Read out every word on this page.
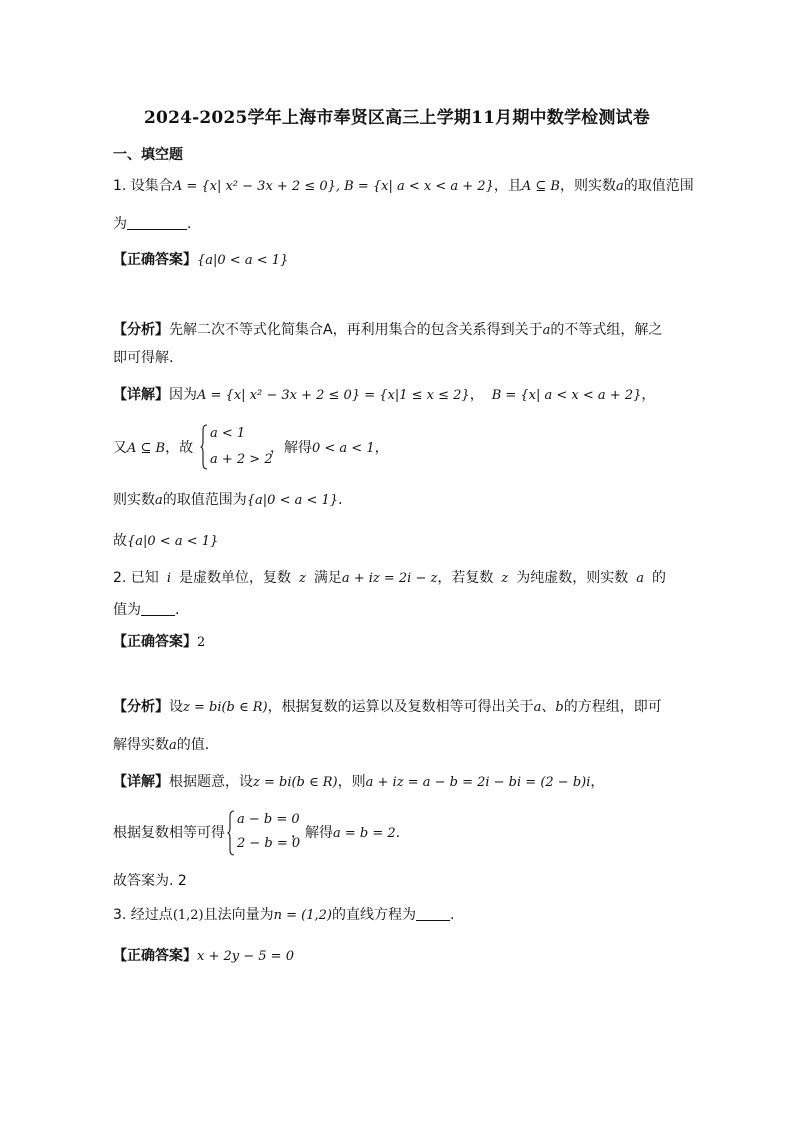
2024-2025学年上海市奉贤区高三上学期11月期中数学检测试卷
一、填空题
1. 设集合A = {x| x² − 3x + 2 ≤ 0}, B = {x| a < x < a + 2}，且A ⊆ B，则实数a的取值范围
为	.
【正确答案】{a|0 < a < 1}
【分析】先解二次不等式化简集合A，再利用集合的包含关系得到关于a的不等式组，解之
即可得解.
【详解】因为A = {x| x² − 3x + 2 ≤ 0} = {x|1 ≤ x ≤ 2}， B = {x| a < x < a + 2}，
又A ⊆ B，故
a < 1
a + 2 > 2
，解得0 < a < 1，
则实数a的取值范围为{a|0 < a < 1}.
故{a|0 < a < 1}
2. 已知 i 是虚数单位，复数 z 满足a + iz = 2i − z，若复数 z 为纯虚数，则实数 a 的
值为 .
【正确答案】2
【分析】设z = bi(b ∈ R)，根据复数的运算以及复数相等可得出关于a、b的方程组，即可
解得实数a的值.
【详解】根据题意，设z = bi(b ∈ R)，则a + iz = a − b = 2i − bi = (2 − b)i，
根据复数相等可得
a − b = 0
2 − b = 0
，解得a = b = 2.
故答案为. 2
3. 经过点(1,2)且法向量为n = (1,2)的直线方程为 .
【正确答案】x + 2y − 5 = 0
